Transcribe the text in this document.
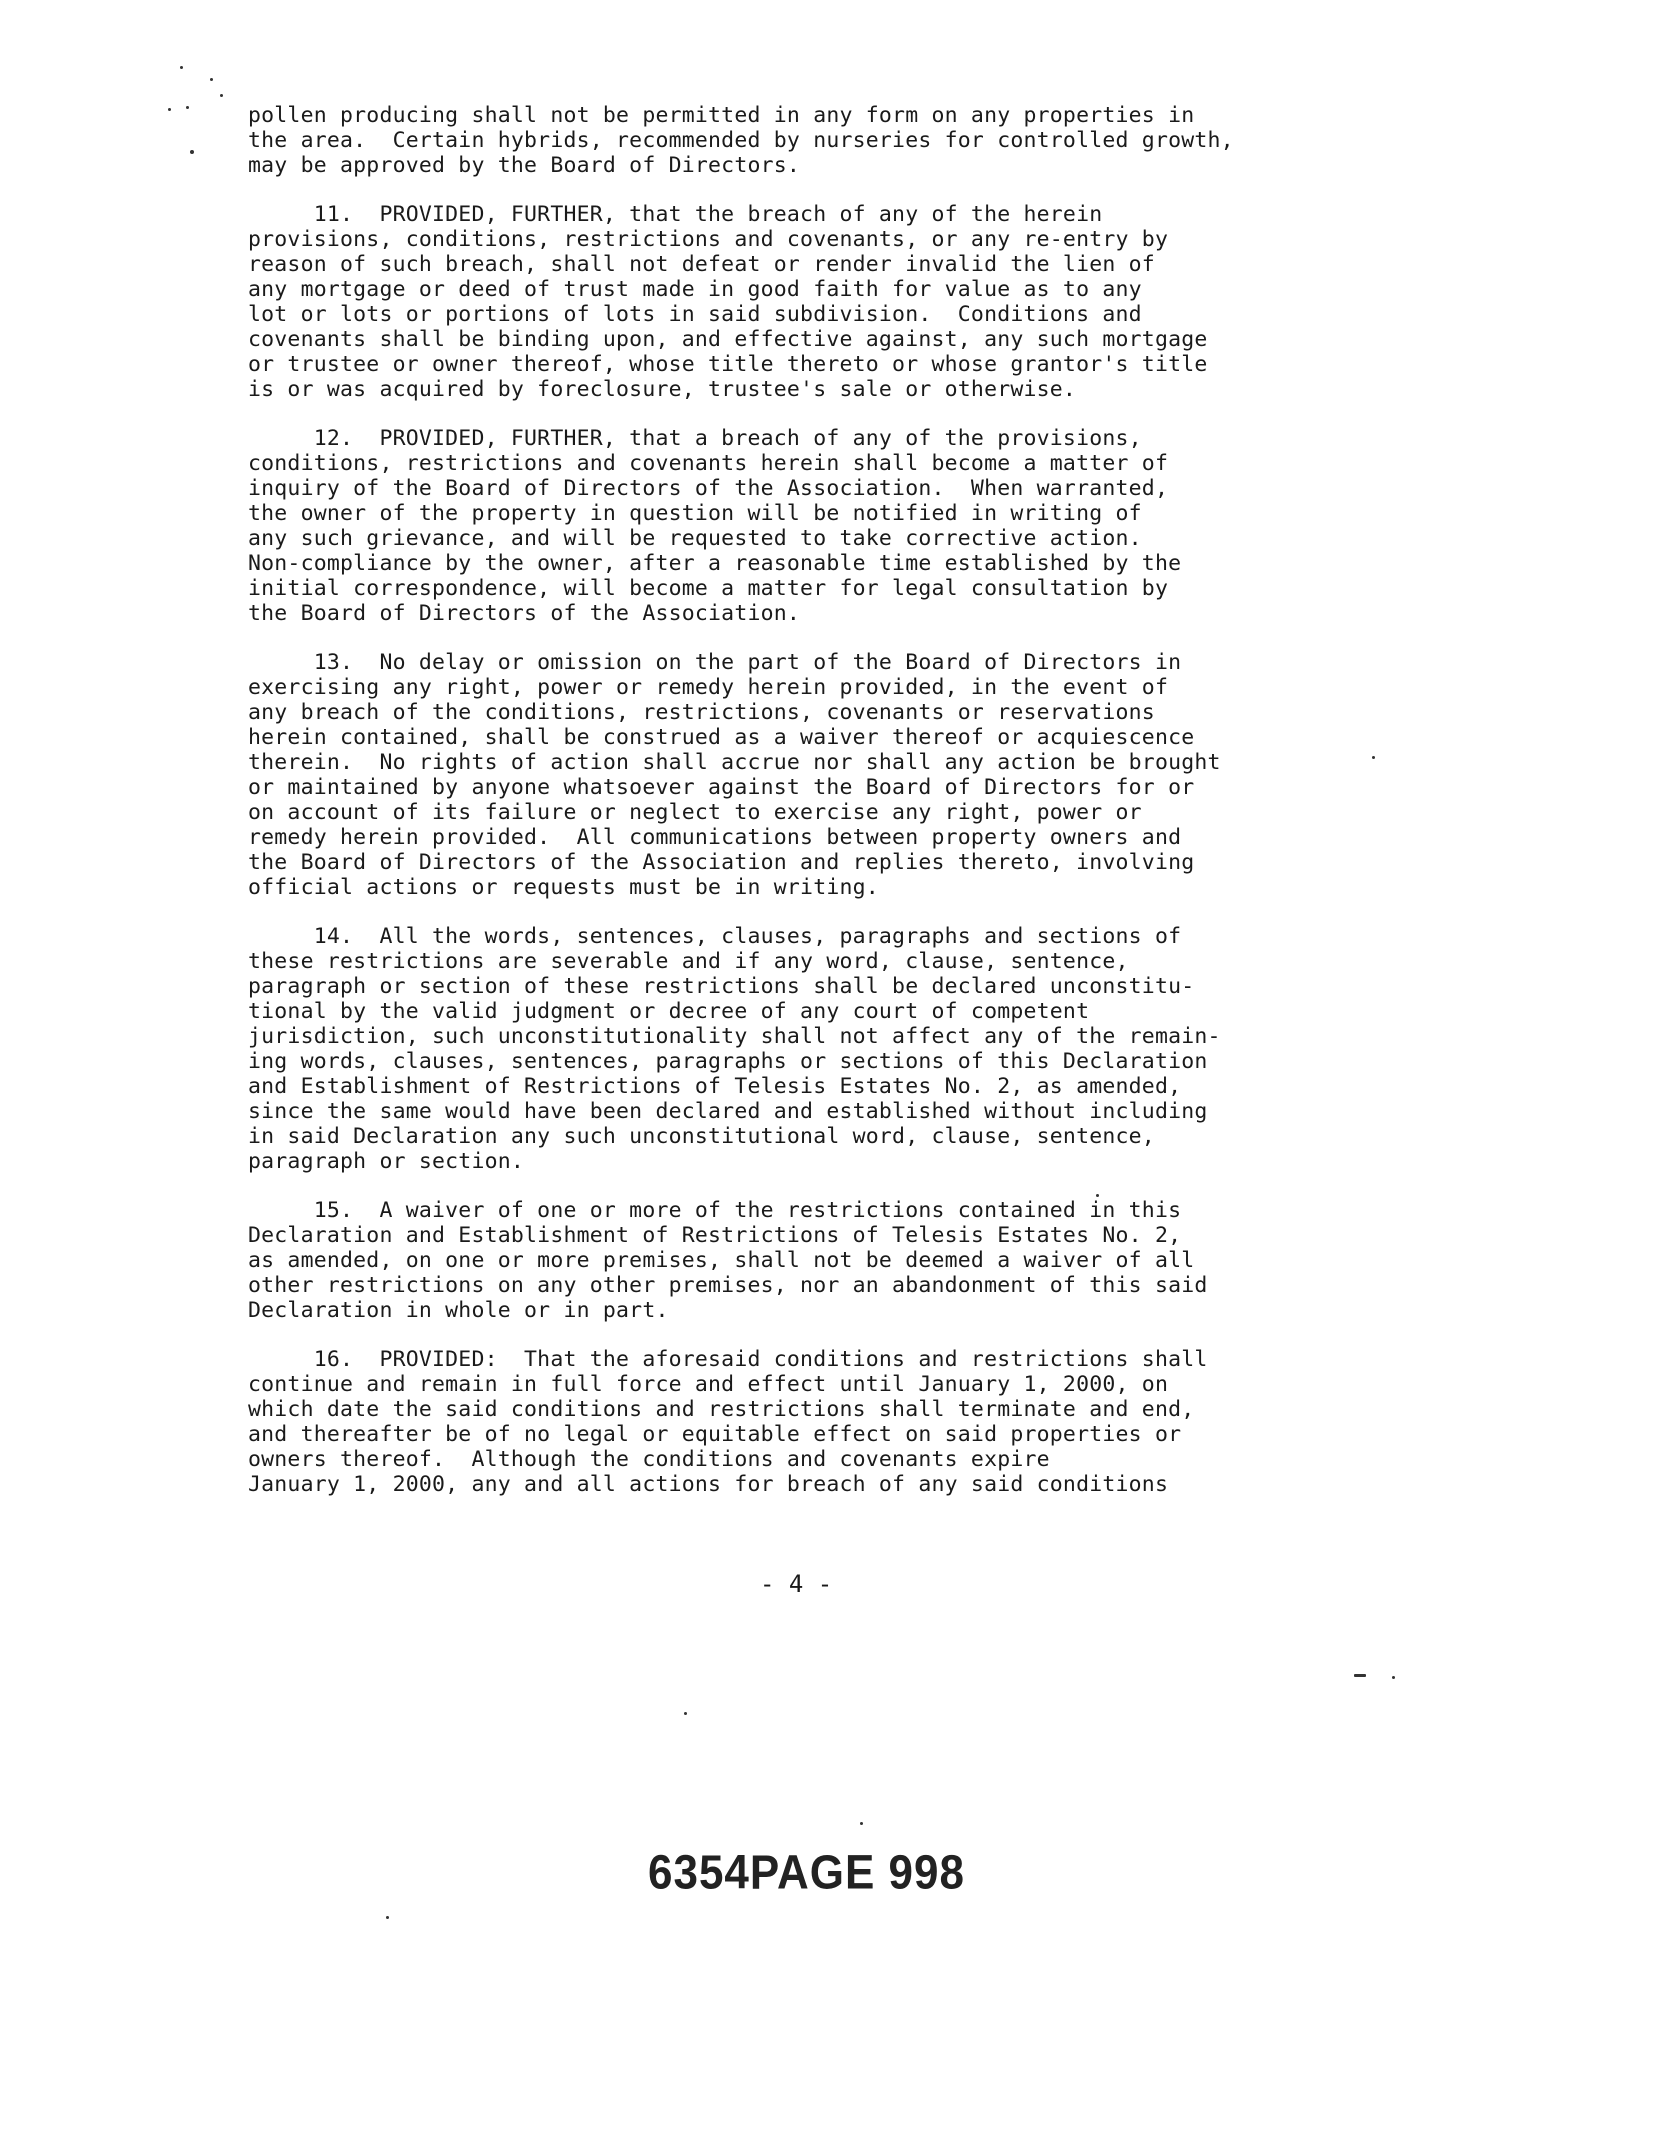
pollen producing shall not be permitted in any form on any properties in
the area.  Certain hybrids, recommended by nurseries for controlled growth,
may be approved by the Board of Directors.
11.  PROVIDED, FURTHER, that the breach of any of the herein
provisions, conditions, restrictions and covenants, or any re-entry by
reason of such breach, shall not defeat or render invalid the lien of
any mortgage or deed of trust made in good faith for value as to any
lot or lots or portions of lots in said subdivision.  Conditions and
covenants shall be binding upon, and effective against, any such mortgage
or trustee or owner thereof, whose title thereto or whose grantor's title
is or was acquired by foreclosure, trustee's sale or otherwise.
12.  PROVIDED, FURTHER, that a breach of any of the provisions,
conditions, restrictions and covenants herein shall become a matter of
inquiry of the Board of Directors of the Association.  When warranted,
the owner of the property in question will be notified in writing of
any such grievance, and will be requested to take corrective action.
Non-compliance by the owner, after a reasonable time established by the
initial correspondence, will become a matter for legal consultation by
the Board of Directors of the Association.
13.  No delay or omission on the part of the Board of Directors in
exercising any right, power or remedy herein provided, in the event of
any breach of the conditions, restrictions, covenants or reservations
herein contained, shall be construed as a waiver thereof or acquiescence
therein.  No rights of action shall accrue nor shall any action be brought
or maintained by anyone whatsoever against the Board of Directors for or
on account of its failure or neglect to exercise any right, power or
remedy herein provided.  All communications between property owners and
the Board of Directors of the Association and replies thereto, involving
official actions or requests must be in writing.
14.  All the words, sentences, clauses, paragraphs and sections of
these restrictions are severable and if any word, clause, sentence,
paragraph or section of these restrictions shall be declared unconstitu-
tional by the valid judgment or decree of any court of competent
jurisdiction, such unconstitutionality shall not affect any of the remain-
ing words, clauses, sentences, paragraphs or sections of this Declaration
and Establishment of Restrictions of Telesis Estates No. 2, as amended,
since the same would have been declared and established without including
in said Declaration any such unconstitutional word, clause, sentence,
paragraph or section.
15.  A waiver of one or more of the restrictions contained in this
Declaration and Establishment of Restrictions of Telesis Estates No. 2,
as amended, on one or more premises, shall not be deemed a waiver of all
other restrictions on any other premises, nor an abandonment of this said
Declaration in whole or in part.
16.  PROVIDED:  That the aforesaid conditions and restrictions shall
continue and remain in full force and effect until January 1, 2000, on
which date the said conditions and restrictions shall terminate and end,
and thereafter be of no legal or equitable effect on said properties or
owners thereof.  Although the conditions and covenants expire
January 1, 2000, any and all actions for breach of any said conditions
- 4 -
6354PAGE 998
